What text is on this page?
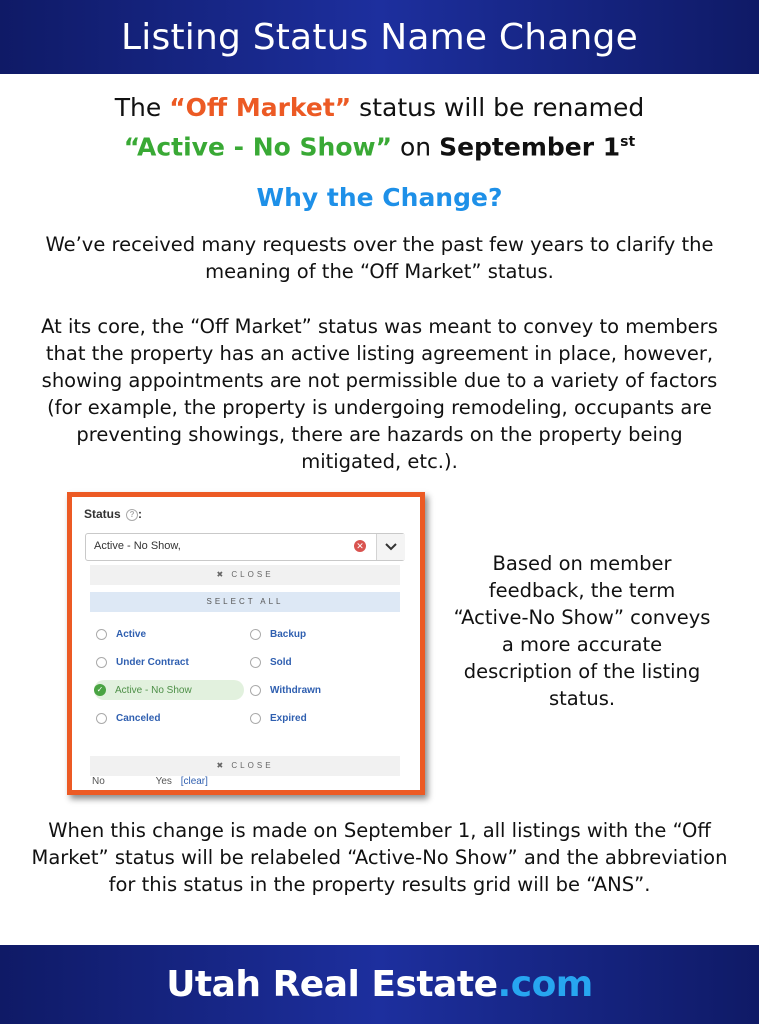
Listing Status Name Change
The “Off Market” status will be renamed
“Active - No Show” on September 1st
Why the Change?

We’ve received many requests over the past few years to clarify the meaning of the “Off Market” status.

At its core, the “Off Market” status was meant to convey to members that the property has an active listing agreement in place, however, showing appointments are not permissible due to a variety of factors (for example, the property is undergoing remodeling, occupants are preventing showings, there are hazards on the property being mitigated, etc.).

Status ? :
Active - No Show,	✕
✖ CLOSE
SELECT ALL
Active
Under Contract
✓ Active - No Show
Canceled
Backup
Sold
Withdrawn
Expired
✖ CLOSE
No	Yes [clear]
Based on member feedback, the term “Active-No Show” conveys a more accurate description of the listing status.

When this change is made on September 1, all listings with the “Off Market” status will be relabeled “Active-No Show” and the abbreviation for this status in the property results grid will be “ANS”.

Utah Real Estate.com
